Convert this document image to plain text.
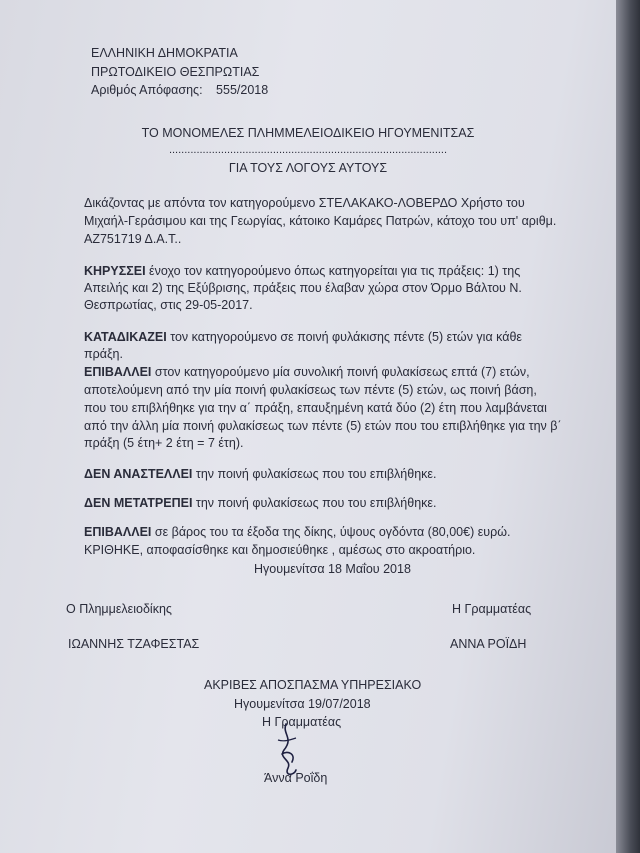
ΕΛΛΗΝΙΚΗ ΔΗΜΟΚΡΑΤΙΑ
ΠΡΩΤΟΔΙΚΕΙΟ ΘΕΣΠΡΩΤΙΑΣ
Αριθμός Απόφασης: 555/2018
ΤΟ ΜΟΝΟΜΕΛΕΣ ΠΛΗΜΜΕΛΕΙΟΔΙΚΕΙΟ ΗΓΟΥΜΕΝΙΤΣΑΣ
...........................................................................................
ΓΙΑ ΤΟΥΣ ΛΟΓΟΥΣ ΑΥΤΟΥΣ
Δικάζοντας με απόντα τον κατηγορούμενο ΣΤΕΛΑΚΑΚΟ-ΛΟΒΕΡΔΟ Χρήστο του
Μιχαήλ-Γεράσιμου και της Γεωργίας, κάτοικο Καμάρες Πατρών, κάτοχο του υπ' αριθμ.
ΑΖ751719 Δ.Α.Τ..
ΚΗΡΥΣΣΕΙ ένοχο τον κατηγορούμενο όπως κατηγορείται για τις πράξεις: 1) της
Απειλής και 2) της Εξύβρισης, πράξεις που έλαβαν χώρα στον Όρμο Βάλτου Ν.
Θεσπρωτίας, στις 29-05-2017.
ΚΑΤΑΔΙΚΑΖΕΙ τον κατηγορούμενο σε ποινή φυλάκισης πέντε (5) ετών για κάθε
πράξη.
ΕΠΙΒΑΛΛΕΙ στον κατηγορούμενο μία συνολική ποινή φυλακίσεως επτά (7) ετών,
αποτελούμενη από την μία ποινή φυλακίσεως των πέντε (5) ετών, ως ποινή βάση,
που του επιβλήθηκε για την α΄ πράξη, επαυξημένη κατά δύο (2) έτη που λαμβάνεται
από την άλλη μία ποινή φυλακίσεως των πέντε (5) ετών που του επιβλήθηκε για την β΄
πράξη (5 έτη+ 2 έτη = 7 έτη).
ΔΕΝ ΑΝΑΣΤΕΛΛΕΙ την ποινή φυλακίσεως που του επιβλήθηκε.
ΔΕΝ ΜΕΤΑΤΡΕΠΕΙ την ποινή φυλακίσεως που του επιβλήθηκε.
ΕΠΙΒΑΛΛΕΙ σε βάρος του τα έξοδα της δίκης, ύψους ογδόντα (80,00€) ευρώ.
ΚΡΙΘΗΚΕ, αποφασίσθηκε και δημοσιεύθηκε , αμέσως στο ακροατήριο.
Ηγουμενίτσα 18 Μαΐου 2018
Ο Πλημμελειοδίκης	Η Γραμματέας
ΙΩΑΝΝΗΣ ΤΖΑΦΕΣΤΑΣ	ΑΝΝΑ ΡΟΪΔΗ
ΑΚΡΙΒΕΣ ΑΠΟΣΠΑΣΜΑ ΥΠΗΡΕΣΙΑΚΟ
Ηγουμενίτσα 19/07/2018
Η Γραμματέας
Άννα Ροΐδη
